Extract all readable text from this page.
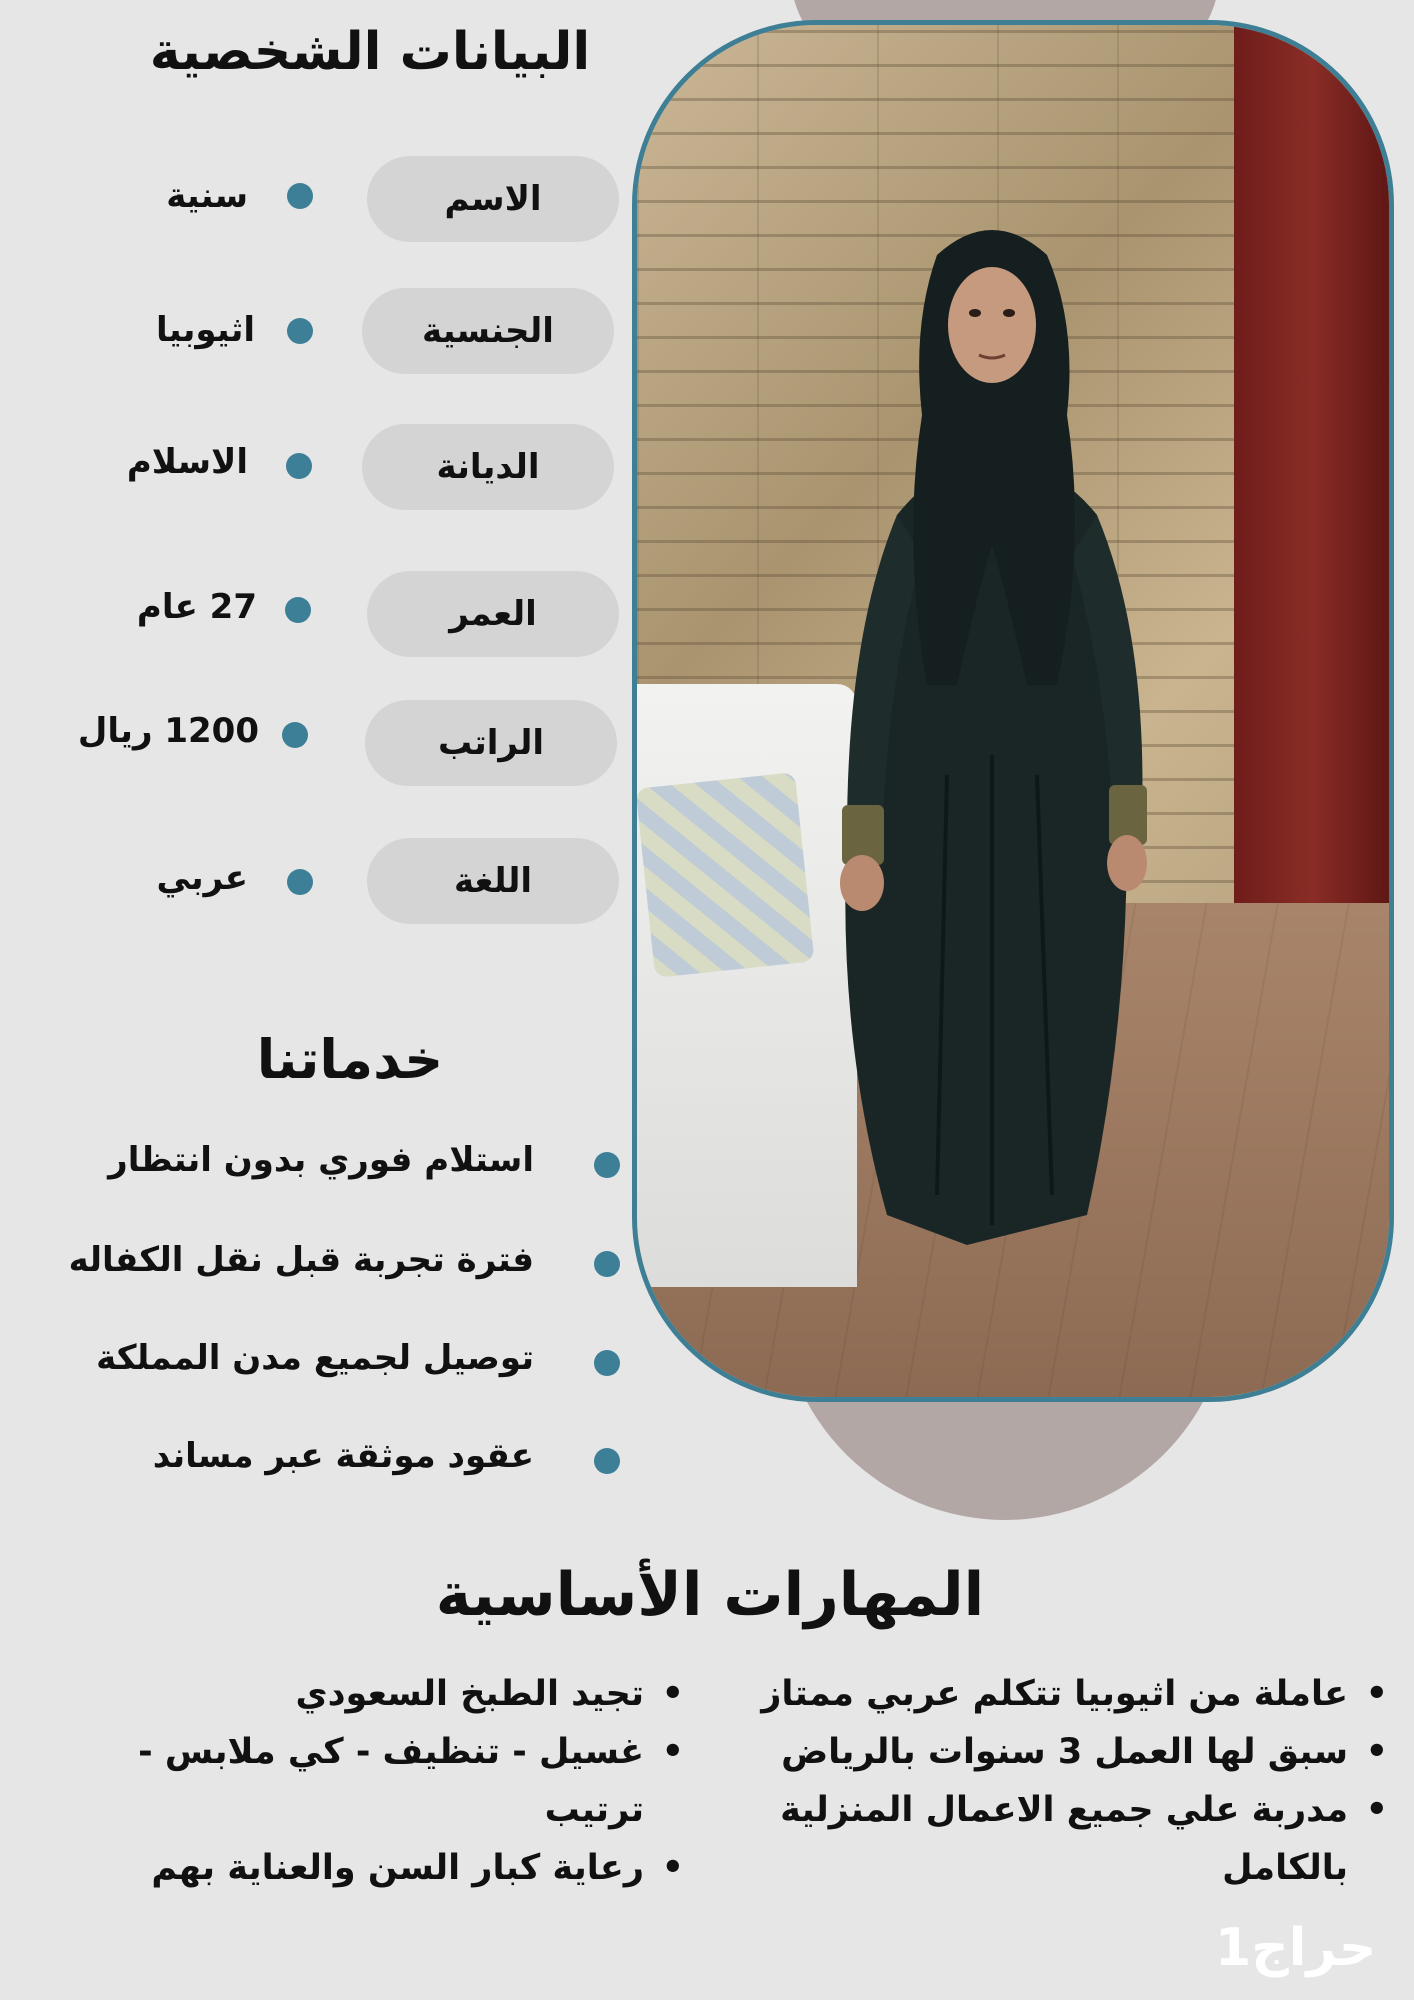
البيانات الشخصية
الاسم
سنية
الجنسية
اثيوبيا
الديانة
الاسلام
العمر
27 عام
الراتب
1200 ريال
اللغة
عربي
خدماتنا
استلام فوري بدون انتظار
فترة تجربة قبل نقل الكفاله
توصيل لجميع مدن المملكة
عقود موثقة عبر مساند
المهارات الأساسية
• عاملة من اثيوبيا تتكلم عربي ممتاز
• سبق لها العمل 3 سنوات بالرياض
• مدربة علي جميع الاعمال المنزلية بالكامل
• تجيد الطبخ السعودي
• غسيل - تنظيف - كي ملابس - ترتيب
• رعاية كبار السن والعناية بهم
حراج1
